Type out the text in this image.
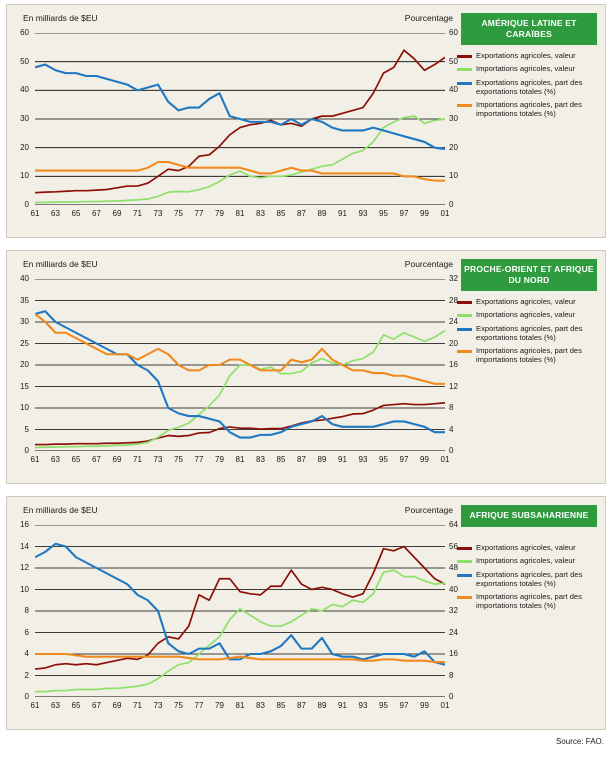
En milliards de $EU	Pourcentage	AMÉRIQUE LATINE ET CARAÏBES
Exportations agricoles, valeur
Importations agricoles, valeur
Exportations agricoles, part des exportations totales (%)
Importations agricoles, part des importations totales (%)
0
10
20
30
40
50
60
0
10
20
30
40
50
60
61	63	65	67	69	71	73	75	77	79	81	83	85	87	89	91	93	95	97	99	01
En milliards de $EU	Pourcentage	PROCHE-ORIENT ET AFRIQUE DU NORD
Exportations agricoles, valeur
Importations agricoles, valeur
Exportations agricoles, part des exportations totales (%)
Importations agricoles, part des importations totales (%)
0
5
10
15
20
25
30
35
40
0
4
8
12
16
20
24
28
32
61	63	65	67	69	71	73	75	77	79	81	83	85	87	89	91	93	95	97	99	01
En milliards de $EU	Pourcentage	AFRIQUE SUBSAHARIENNE
Exportations agricoles, valeur
Importations agricoles, valeur
Exportations agricoles, part des exportations totales (%)
Importations agricoles, part des importations totales (%)
0
2
4
6
8
10
12
14
16
0
8
16
24
32
40
48
56
64
61	63	65	67	69	71	73	75	77	79	81	83	85	87	89	91	93	95	97	99	01
Source: FAO.
